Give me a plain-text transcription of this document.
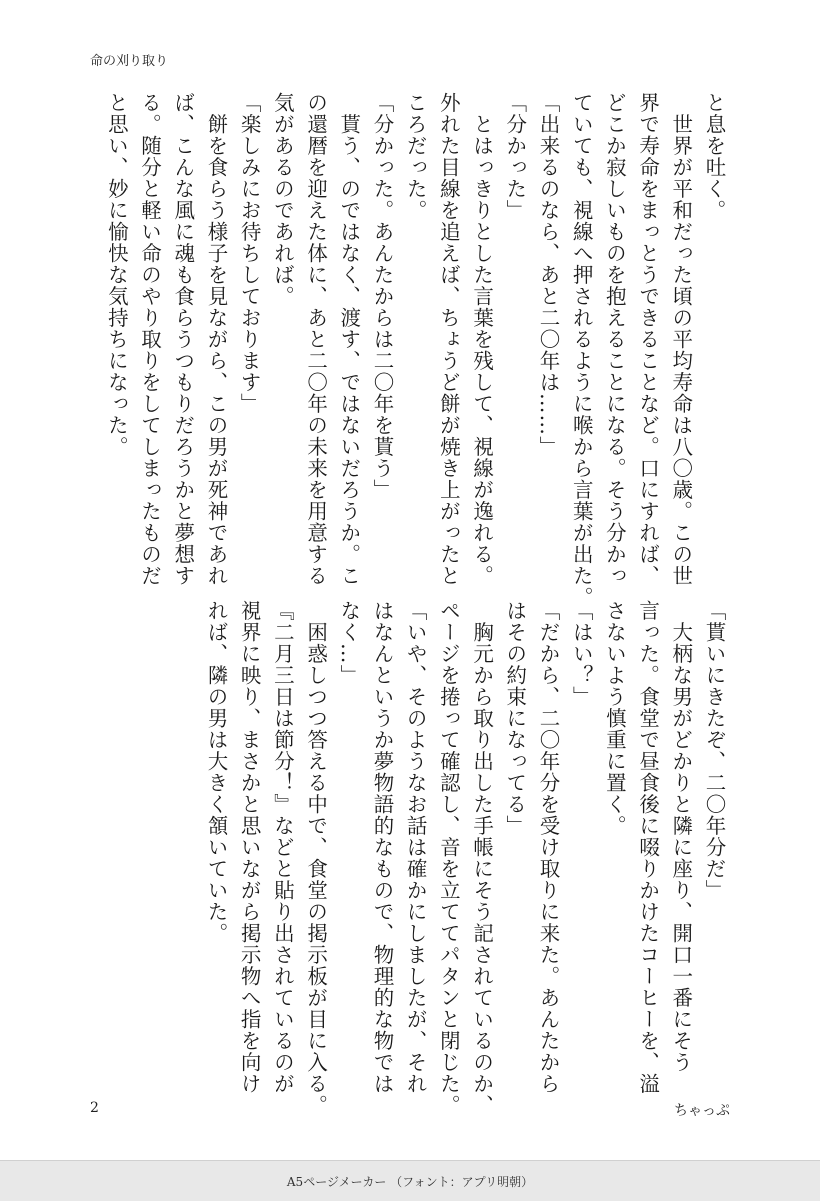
命の刈り取り
と息を吐く。
　世界が平和だった頃の平均寿命は八〇歳。この世
界で寿命をまっとうできることなど。口にすれば、
どこか寂しいものを抱えることになる。そう分かっ
ていても、視線へ押されるように喉から言葉が出た。
「出来るのなら、あと二〇年は……」
「分かった」
　とはっきりとした言葉を残して、視線が逸れる。
外れた目線を追えば、ちょうど餅が焼き上がったと
ころだった。
「分かった。あんたからは二〇年を貰う」
　貰う、のではなく、渡す、ではないだろうか。こ
の還暦を迎えた体に、あと二〇年の未来を用意する
気があるのであれば。
「楽しみにお待ちしております」
　餅を食らう様子を見ながら、この男が死神であれ
ば、こんな風に魂も食らうつもりだろうかと夢想す
る。随分と軽い命のやり取りをしてしまったものだ
と思い、妙に愉快な気持ちになった。
「貰いにきたぞ、二〇年分だ」
　大柄な男がどかりと隣に座り、開口一番にそう
言った。食堂で昼食後に啜りかけたコーヒーを、溢
さないよう慎重に置く。
「はい？」
「だから、二〇年分を受け取りに来た。あんたから
はその約束になってる」
　胸元から取り出した手帳にそう記されているのか、
ページを捲って確認し、音を立ててパタンと閉じた。
「いや、そのようなお話は確かにしましたが、それ
はなんというか夢物語的なもので、物理的な物では
なく…」
　困惑しつつ答える中で、食堂の掲示板が目に入る。
『二月三日は節分！』などと貼り出されているのが
視界に映り、まさかと思いながら掲示物へ指を向け
れば、隣の男は大きく頷いていた。
2	ちゃっぷ
A5ページメーカー （フォント：アプリ明朝）
